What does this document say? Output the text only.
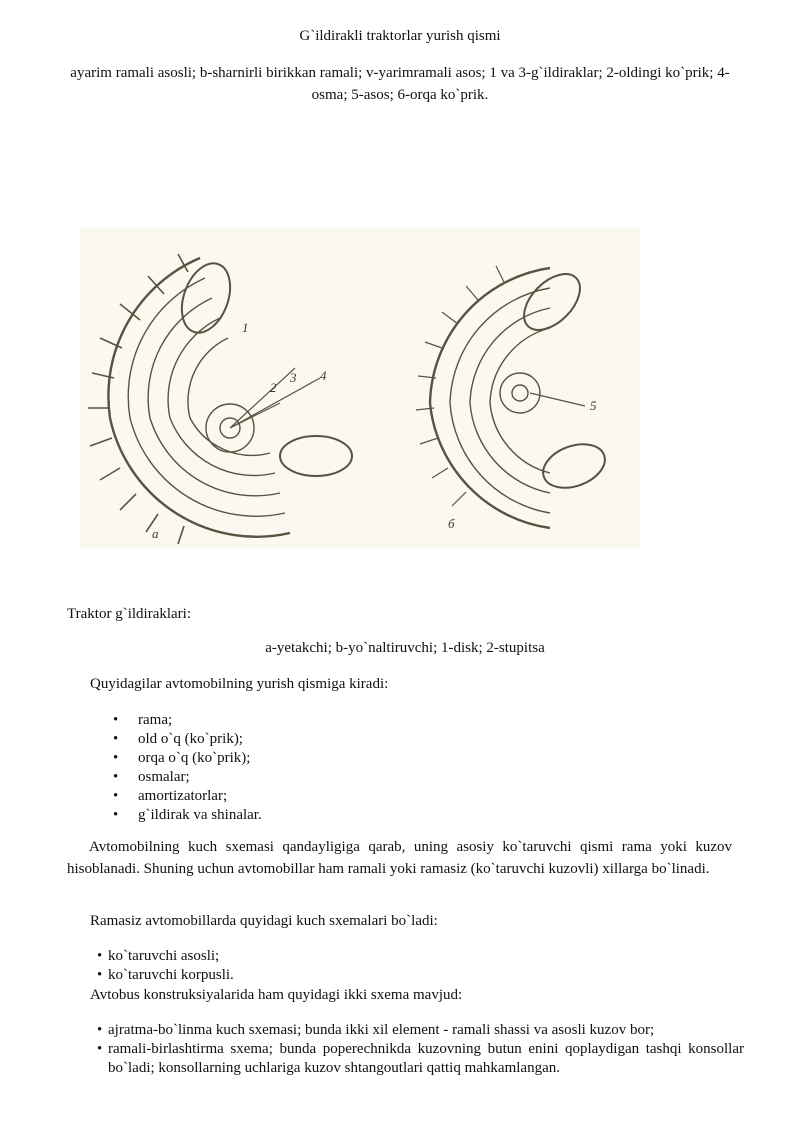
G`ildirakli traktorlar yurish qismi
ayarim ramali asosli; b-sharnirli birikkan ramali; v-yarimramali asos; 1 va 3-g`ildiraklar; 2-oldingi ko`prik; 4-osma; 5-asos; 6-orqa ko`prik.
1
2
3 4
5
a
б
Traktor g`ildiraklari:
a-yetakchi; b-yo`naltiruvchi; 1-disk; 2-stupitsa
Quyidagilar avtomobilning yurish qismiga kiradi:
• rama;
• old o`q (ko`prik);
• orqa o`q (ko`prik);
• osmalar;
• amortizatorlar;
• g`ildirak va shinalar.
Avtomobilning kuch sxemasi qandayligiga qarab, uning asosiy ko`taruvchi qismi rama yoki kuzov hisoblanadi. Shuning uchun avtomobillar ham ramali yoki ramasiz (ko`taruvchi kuzovli) xillarga bo`linadi.
Ramasiz avtomobillarda quyidagi kuch sxemalari bo`ladi:
• ko`taruvchi asosli;
• ko`taruvchi korpusli.
Avtobus konstruksiyalarida ham quyidagi ikki sxema mavjud:
• ajratma-bo`linma kuch sxemasi; bunda ikki xil element - ramali shassi va asosli kuzov bor;
• ramali-birlashtirma sxema; bunda poperechnikda kuzovning butun enini qoplaydigan tashqi konsollar bo`ladi; konsollarning uchlariga kuzov shtangoutlari qattiq mahkamlangan.
